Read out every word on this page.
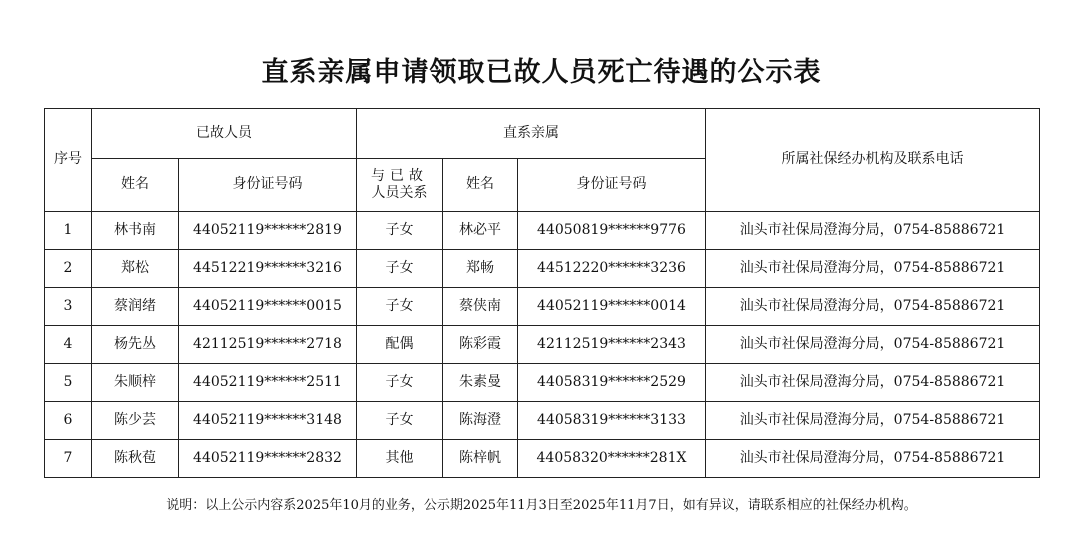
直系亲属申请领取已故人员死亡待遇的公示表
序号	已故人员		直系亲属			所属社保经办机构及联系电话
	姓名	身份证号码	与已故
人员关系	姓名	身份证号码	
1	林书南	44052119******2819	子女	林必平	44050819******9776	汕头市社保局澄海分局，0754-85886721
2	郑松	44512219******3216	子女	郑畅	44512220******3236	汕头市社保局澄海分局，0754-85886721
3	蔡润绪	44052119******0015	子女	蔡侠南	44052119******0014	汕头市社保局澄海分局，0754-85886721
4	杨先丛	42112519******2718	配偶	陈彩霞	42112519******2343	汕头市社保局澄海分局，0754-85886721
5	朱顺梓	44052119******2511	子女	朱素曼	44058319******2529	汕头市社保局澄海分局，0754-85886721
6	陈少芸	44052119******3148	子女	陈海澄	44058319******3133	汕头市社保局澄海分局，0754-85886721
7	陈秋苞	44052119******2832	其他	陈梓帆	44058320******281X	汕头市社保局澄海分局，0754-85886721
说明：以上公示内容系2025年10月的业务，公示期2025年11月3日至2025年11月7日，如有异议，请联系相应的社保经办机构。
